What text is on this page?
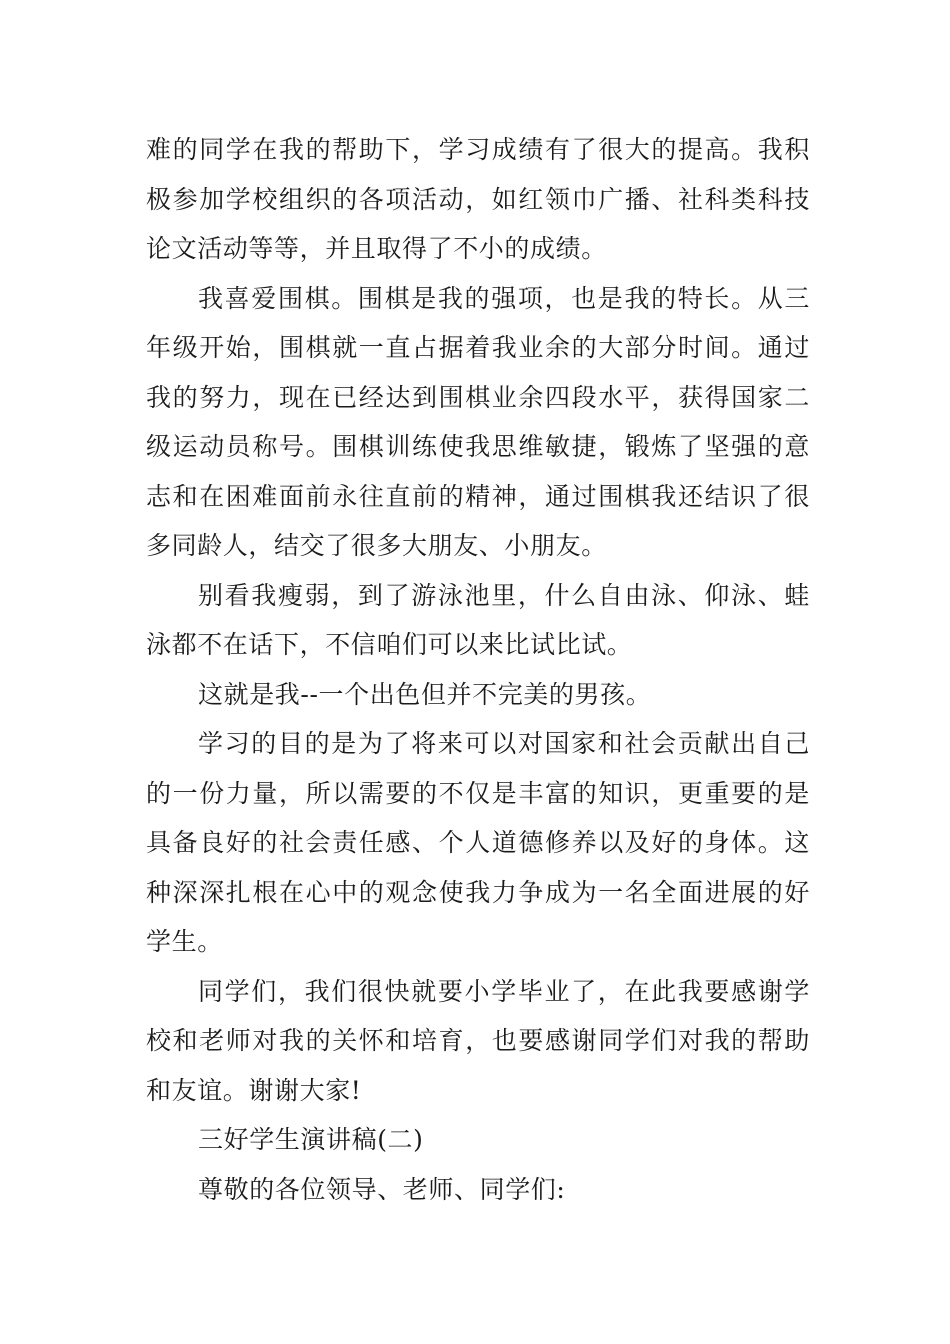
难的同学在我的帮助下，学习成绩有了很大的提高。我积极参加学校组织的各项活动，如红领巾广播、社科类科技论文活动等等，并且取得了不小的成绩。

我喜爱围棋。围棋是我的强项，也是我的特长。从三年级开始，围棋就一直占据着我业余的大部分时间。通过我的努力，现在已经达到围棋业余四段水平，获得国家二级运动员称号。围棋训练使我思维敏捷，锻炼了坚强的意志和在困难面前永往直前的精神，通过围棋我还结识了很多同龄人，结交了很多大朋友、小朋友。

别看我瘦弱，到了游泳池里，什么自由泳、仰泳、蛙泳都不在话下，不信咱们可以来比试比试。

这就是我--一个出色但并不完美的男孩。

学习的目的是为了将来可以对国家和社会贡献出自己的一份力量，所以需要的不仅是丰富的知识，更重要的是具备良好的社会责任感、个人道德修养以及好的身体。这种深深扎根在心中的观念使我力争成为一名全面进展的好学生。

同学们，我们很快就要小学毕业了，在此我要感谢学校和老师对我的关怀和培育，也要感谢同学们对我的帮助和友谊。谢谢大家!

三好学生演讲稿(二)

尊敬的各位领导、老师、同学们:
